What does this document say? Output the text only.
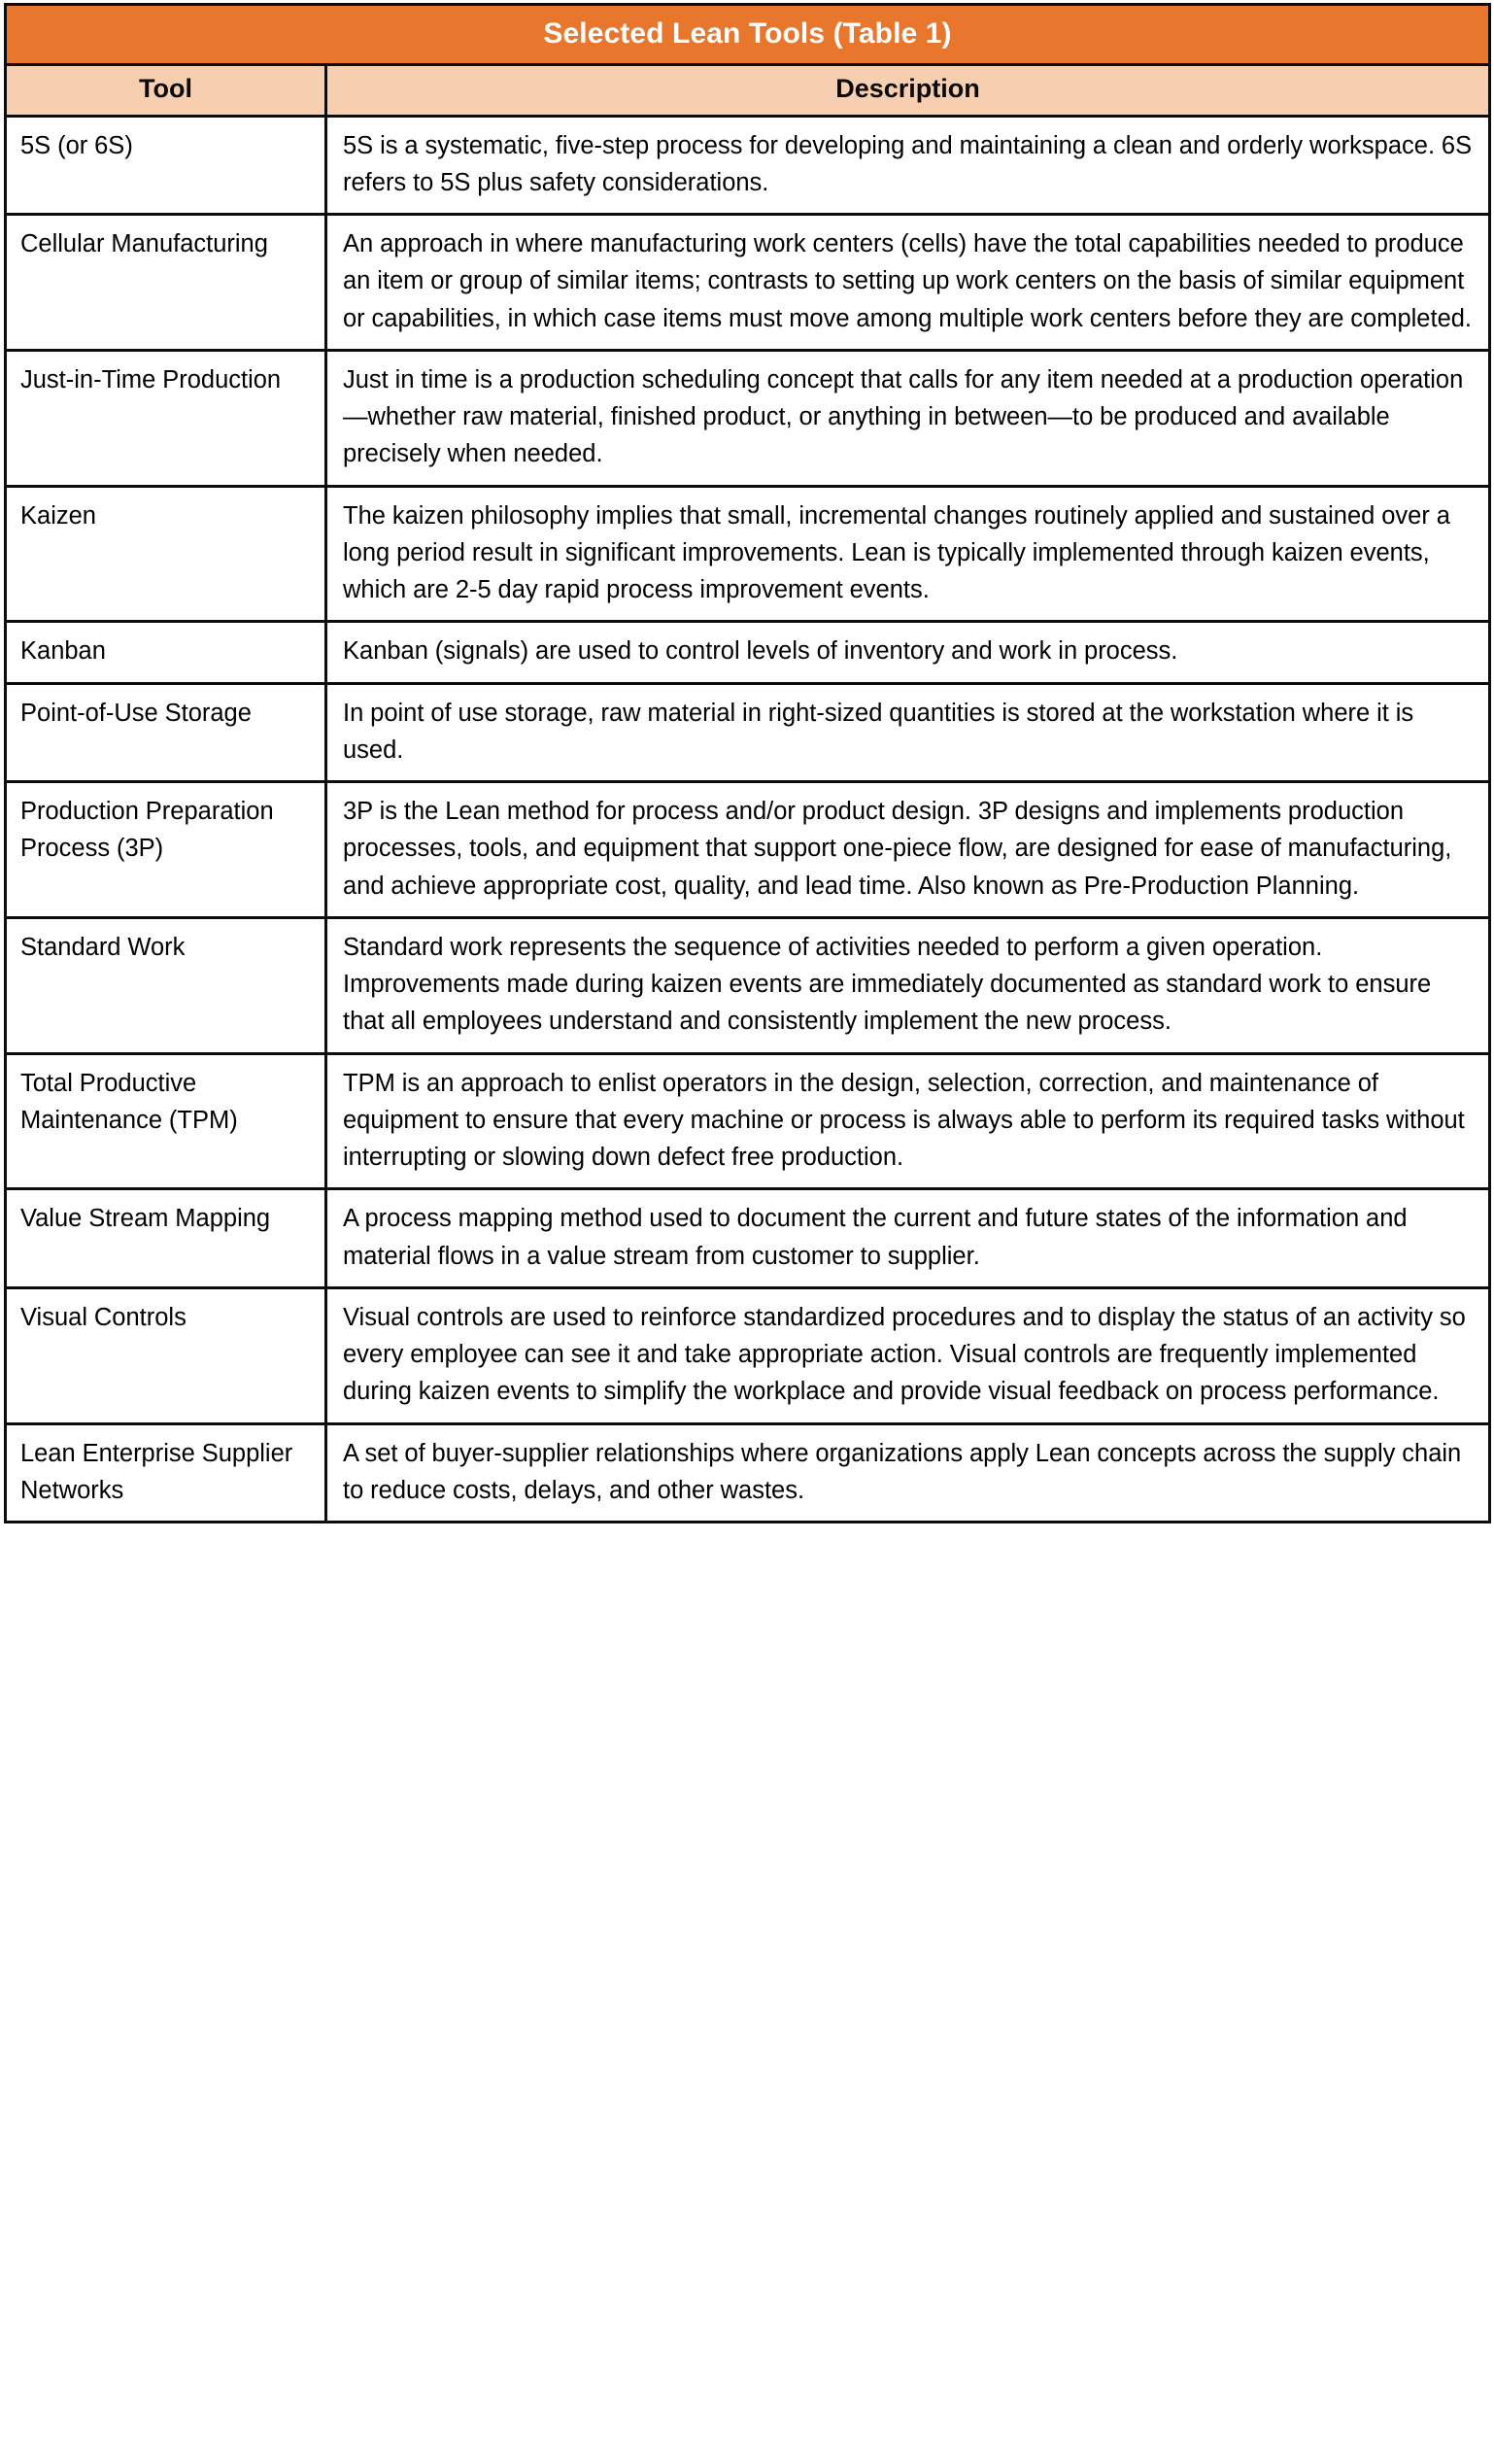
Selected Lean Tools (Table 1)	
Tool	Description
5S (or 6S)	5S is a systematic, five-step process for developing and maintaining a clean and orderly workspace. 6S refers to 5S plus safety considerations.
Cellular Manufacturing	An approach in where manufacturing work centers (cells) have the total capabilities needed to produce an item or group of similar items; contrasts to setting up work centers on the basis of similar equipment or capabilities, in which case items must move among multiple work centers before they are completed.
Just-in-Time Production	Just in time is a production scheduling concept that calls for any item needed at a production operation—whether raw material, finished product, or anything in between—to be produced and available precisely when needed.
Kaizen	The kaizen philosophy implies that small, incremental changes routinely applied and sustained over a long period result in significant improvements. Lean is typically implemented through kaizen events, which are 2-5 day rapid process improvement events.
Kanban	Kanban (signals) are used to control levels of inventory and work in process.
Point-of-Use Storage	In point of use storage, raw material in right-sized quantities is stored at the workstation where it is used.
Production Preparation Process (3P)	3P is the Lean method for process and/or product design. 3P designs and implements production processes, tools, and equipment that support one-piece flow, are designed for ease of manufacturing, and achieve appropriate cost, quality, and lead time. Also known as Pre-Production Planning.
Standard Work	Standard work represents the sequence of activities needed to perform a given operation. Improvements made during kaizen events are immediately documented as standard work to ensure that all employees understand and consistently implement the new process.
Total Productive Maintenance (TPM)	TPM is an approach to enlist operators in the design, selection, correction, and maintenance of equipment to ensure that every machine or process is always able to perform its required tasks without interrupting or slowing down defect free production.
Value Stream Mapping	A process mapping method used to document the current and future states of the information and material flows in a value stream from customer to supplier.
Visual Controls	Visual controls are used to reinforce standardized procedures and to display the status of an activity so every employee can see it and take appropriate action. Visual controls are frequently implemented during kaizen events to simplify the workplace and provide visual feedback on process performance.
Lean Enterprise Supplier Networks	A set of buyer-supplier relationships where organizations apply Lean concepts across the supply chain to reduce costs, delays, and other wastes.
